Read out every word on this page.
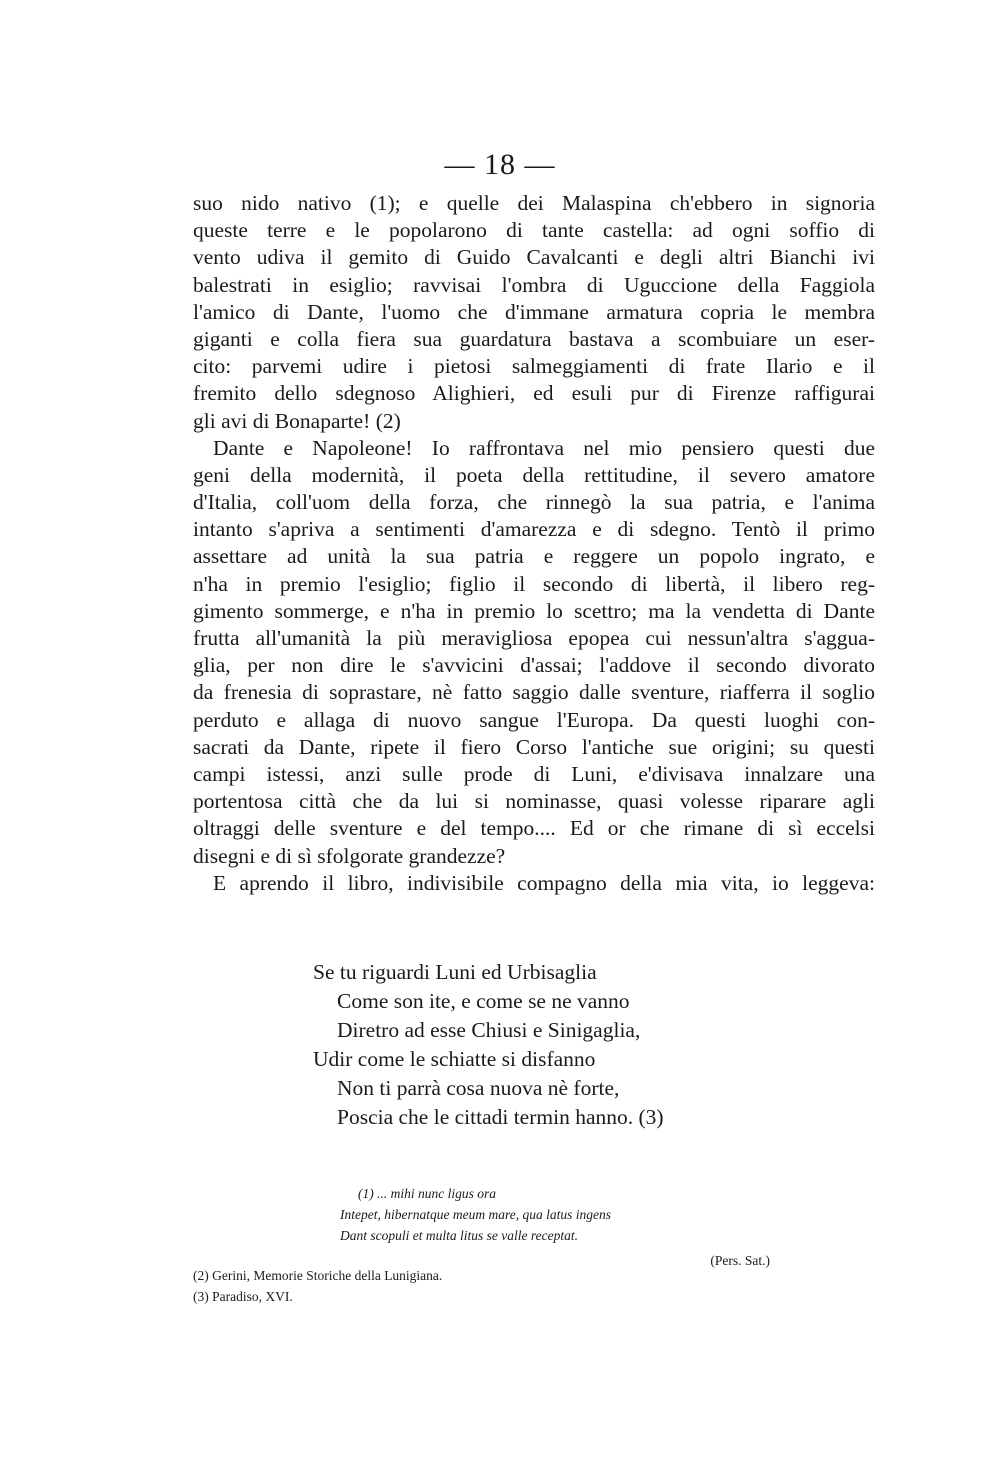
— 18 —
suo nido nativo (1); e quelle dei Malaspina ch'ebbero in signoria
queste terre e le popolarono di tante castella: ad ogni soffio di
vento udiva il gemito di Guido Cavalcanti e degli altri Bianchi ivi
balestrati in esiglio; ravvisai l'ombra di Uguccione della Faggiola
l'amico di Dante, l'uomo che d'immane armatura copria le membra
giganti e colla fiera sua guardatura bastava a scombuiare un eser-
cito: parvemi udire i pietosi salmeggiamenti di frate Ilario e il
fremito dello sdegnoso Alighieri, ed esuli pur di Firenze raffigurai
gli avi di Bonaparte! (2)
Dante e Napoleone! Io raffrontava nel mio pensiero questi due
geni della modernità, il poeta della rettitudine, il severo amatore
d'Italia, coll'uom della forza, che rinnegò la sua patria, e l'anima
intanto s'apriva a sentimenti d'amarezza e di sdegno. Tentò il primo
assettare ad unità la sua patria e reggere un popolo ingrato, e
n'ha in premio l'esiglio; figlio il secondo di libertà, il libero reg-
gimento sommerge, e n'ha in premio lo scettro; ma la vendetta di Dante
frutta all'umanità la più meravigliosa epopea cui nessun'altra s'aggua-
glia, per non dire le s'avvicini d'assai; l'addove il secondo divorato
da frenesia di soprastare, nè fatto saggio dalle sventure, riafferra il soglio
perduto e allaga di nuovo sangue l'Europa. Da questi luoghi con-
sacrati da Dante, ripete il fiero Corso l'antiche sue origini; su questi
campi istessi, anzi sulle prode di Luni, e'divisava innalzare una
portentosa città che da lui si nominasse, quasi volesse riparare agli
oltraggi delle sventure e del tempo.... Ed or che rimane di sì eccelsi
disegni e di sì sfolgorate grandezze?
E aprendo il libro, indivisibile compagno della mia vita, io leggeva:
Se tu riguardi Luni ed Urbisaglia
Come son ite, e come se ne vanno
Diretro ad esse Chiusi e Sinigaglia,
Udir come le schiatte si disfanno
Non ti parrà cosa nuova nè forte,
Poscia che le cittadi termin hanno. (3)
(1) ... mihi nunc ligus ora
Intepet, hibernatque meum mare, qua latus ingens
Dant scopuli et multa litus se valle receptat.
(Pers. Sat.)
(2) Gerini, Memorie Storiche della Lunigiana.
(3) Paradiso, XVI.
